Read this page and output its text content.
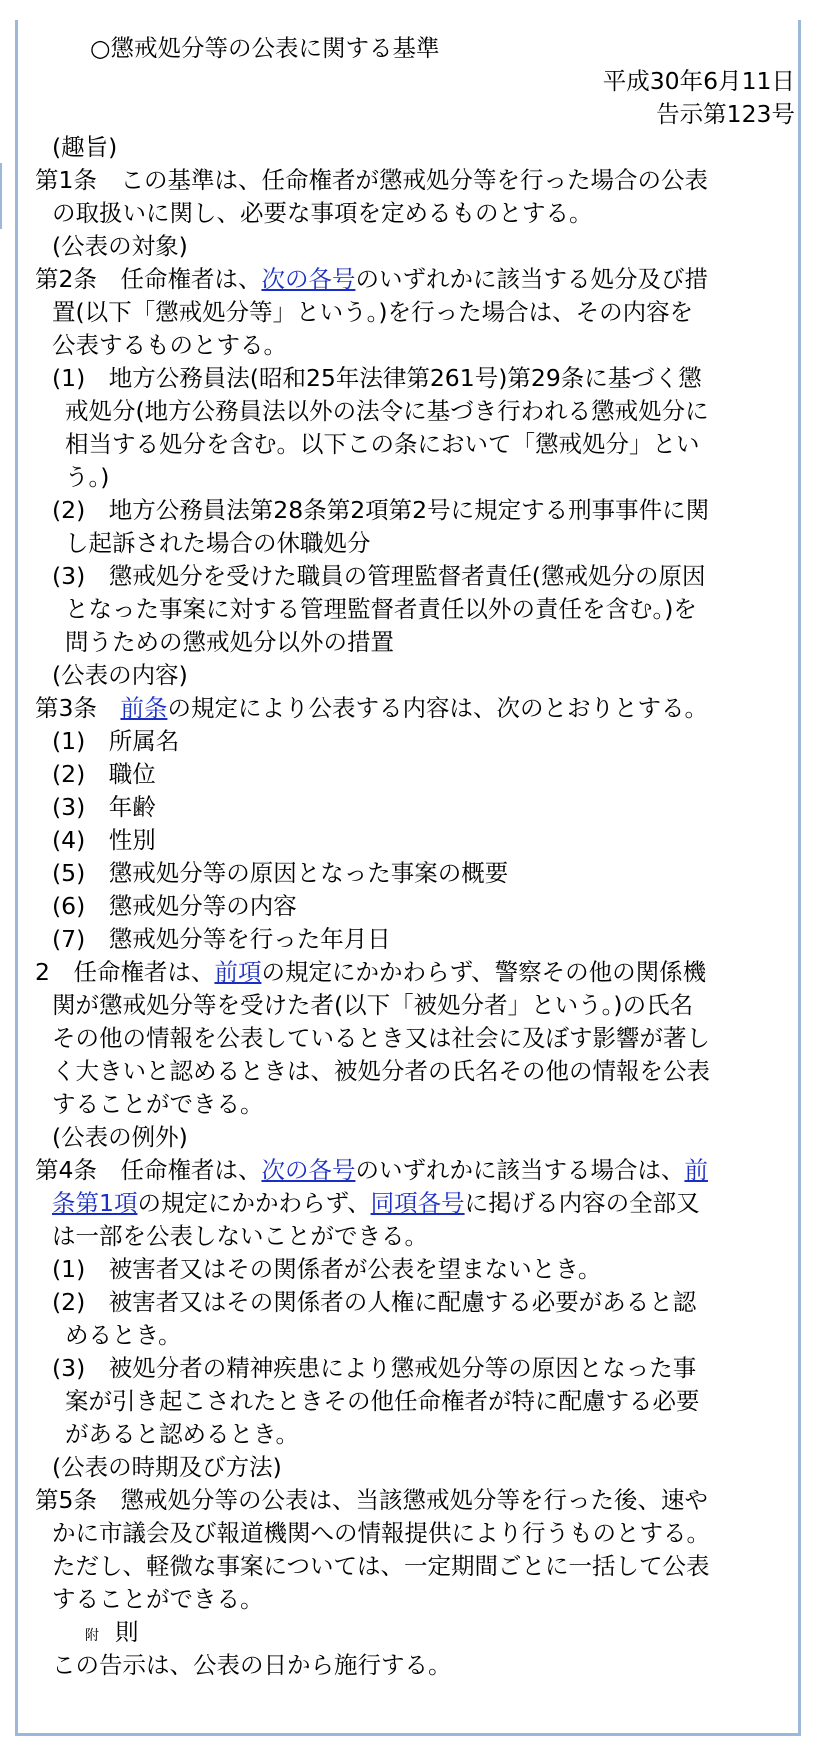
○懲戒処分等の公表に関する基準
平成30年6月11日
告示第123号
(趣旨)
第1条　この基準は、任命権者が懲戒処分等を行った場合の公表
の取扱いに関し、必要な事項を定めるものとする。
(公表の対象)
第2条　任命権者は、次の各号のいずれかに該当する処分及び措
置(以下「懲戒処分等」という。)を行った場合は、その内容を
公表するものとする。
(1)　地方公務員法(昭和25年法律第261号)第29条に基づく懲
戒処分(地方公務員法以外の法令に基づき行われる懲戒処分に
相当する処分を含む。以下この条において「懲戒処分」とい
う。)
(2)　地方公務員法第28条第2項第2号に規定する刑事事件に関
し起訴された場合の休職処分
(3)　懲戒処分を受けた職員の管理監督者責任(懲戒処分の原因
となった事案に対する管理監督者責任以外の責任を含む。)を
問うための懲戒処分以外の措置
(公表の内容)
第3条　前条の規定により公表する内容は、次のとおりとする。
(1)　所属名
(2)　職位
(3)　年齢
(4)　性別
(5)　懲戒処分等の原因となった事案の概要
(6)　懲戒処分等の内容
(7)　懲戒処分等を行った年月日
2　任命権者は、前項の規定にかかわらず、警察その他の関係機
関が懲戒処分等を受けた者(以下「被処分者」という。)の氏名
その他の情報を公表しているとき又は社会に及ぼす影響が著し
く大きいと認めるときは、被処分者の氏名その他の情報を公表
することができる。
(公表の例外)
第4条　任命権者は、次の各号のいずれかに該当する場合は、前
条第1項の規定にかかわらず、同項各号に掲げる内容の全部又
は一部を公表しないことができる。
(1)　被害者又はその関係者が公表を望まないとき。
(2)　被害者又はその関係者の人権に配慮する必要があると認
めるとき。
(3)　被処分者の精神疾患により懲戒処分等の原因となった事
案が引き起こされたときその他任命権者が特に配慮する必要
があると認めるとき。
(公表の時期及び方法)
第5条　懲戒処分等の公表は、当該懲戒処分等を行った後、速や
かに市議会及び報道機関への情報提供により行うものとする。
ただし、軽微な事案については、一定期間ごとに一括して公表
することができる。
附 則
この告示は、公表の日から施行する。
